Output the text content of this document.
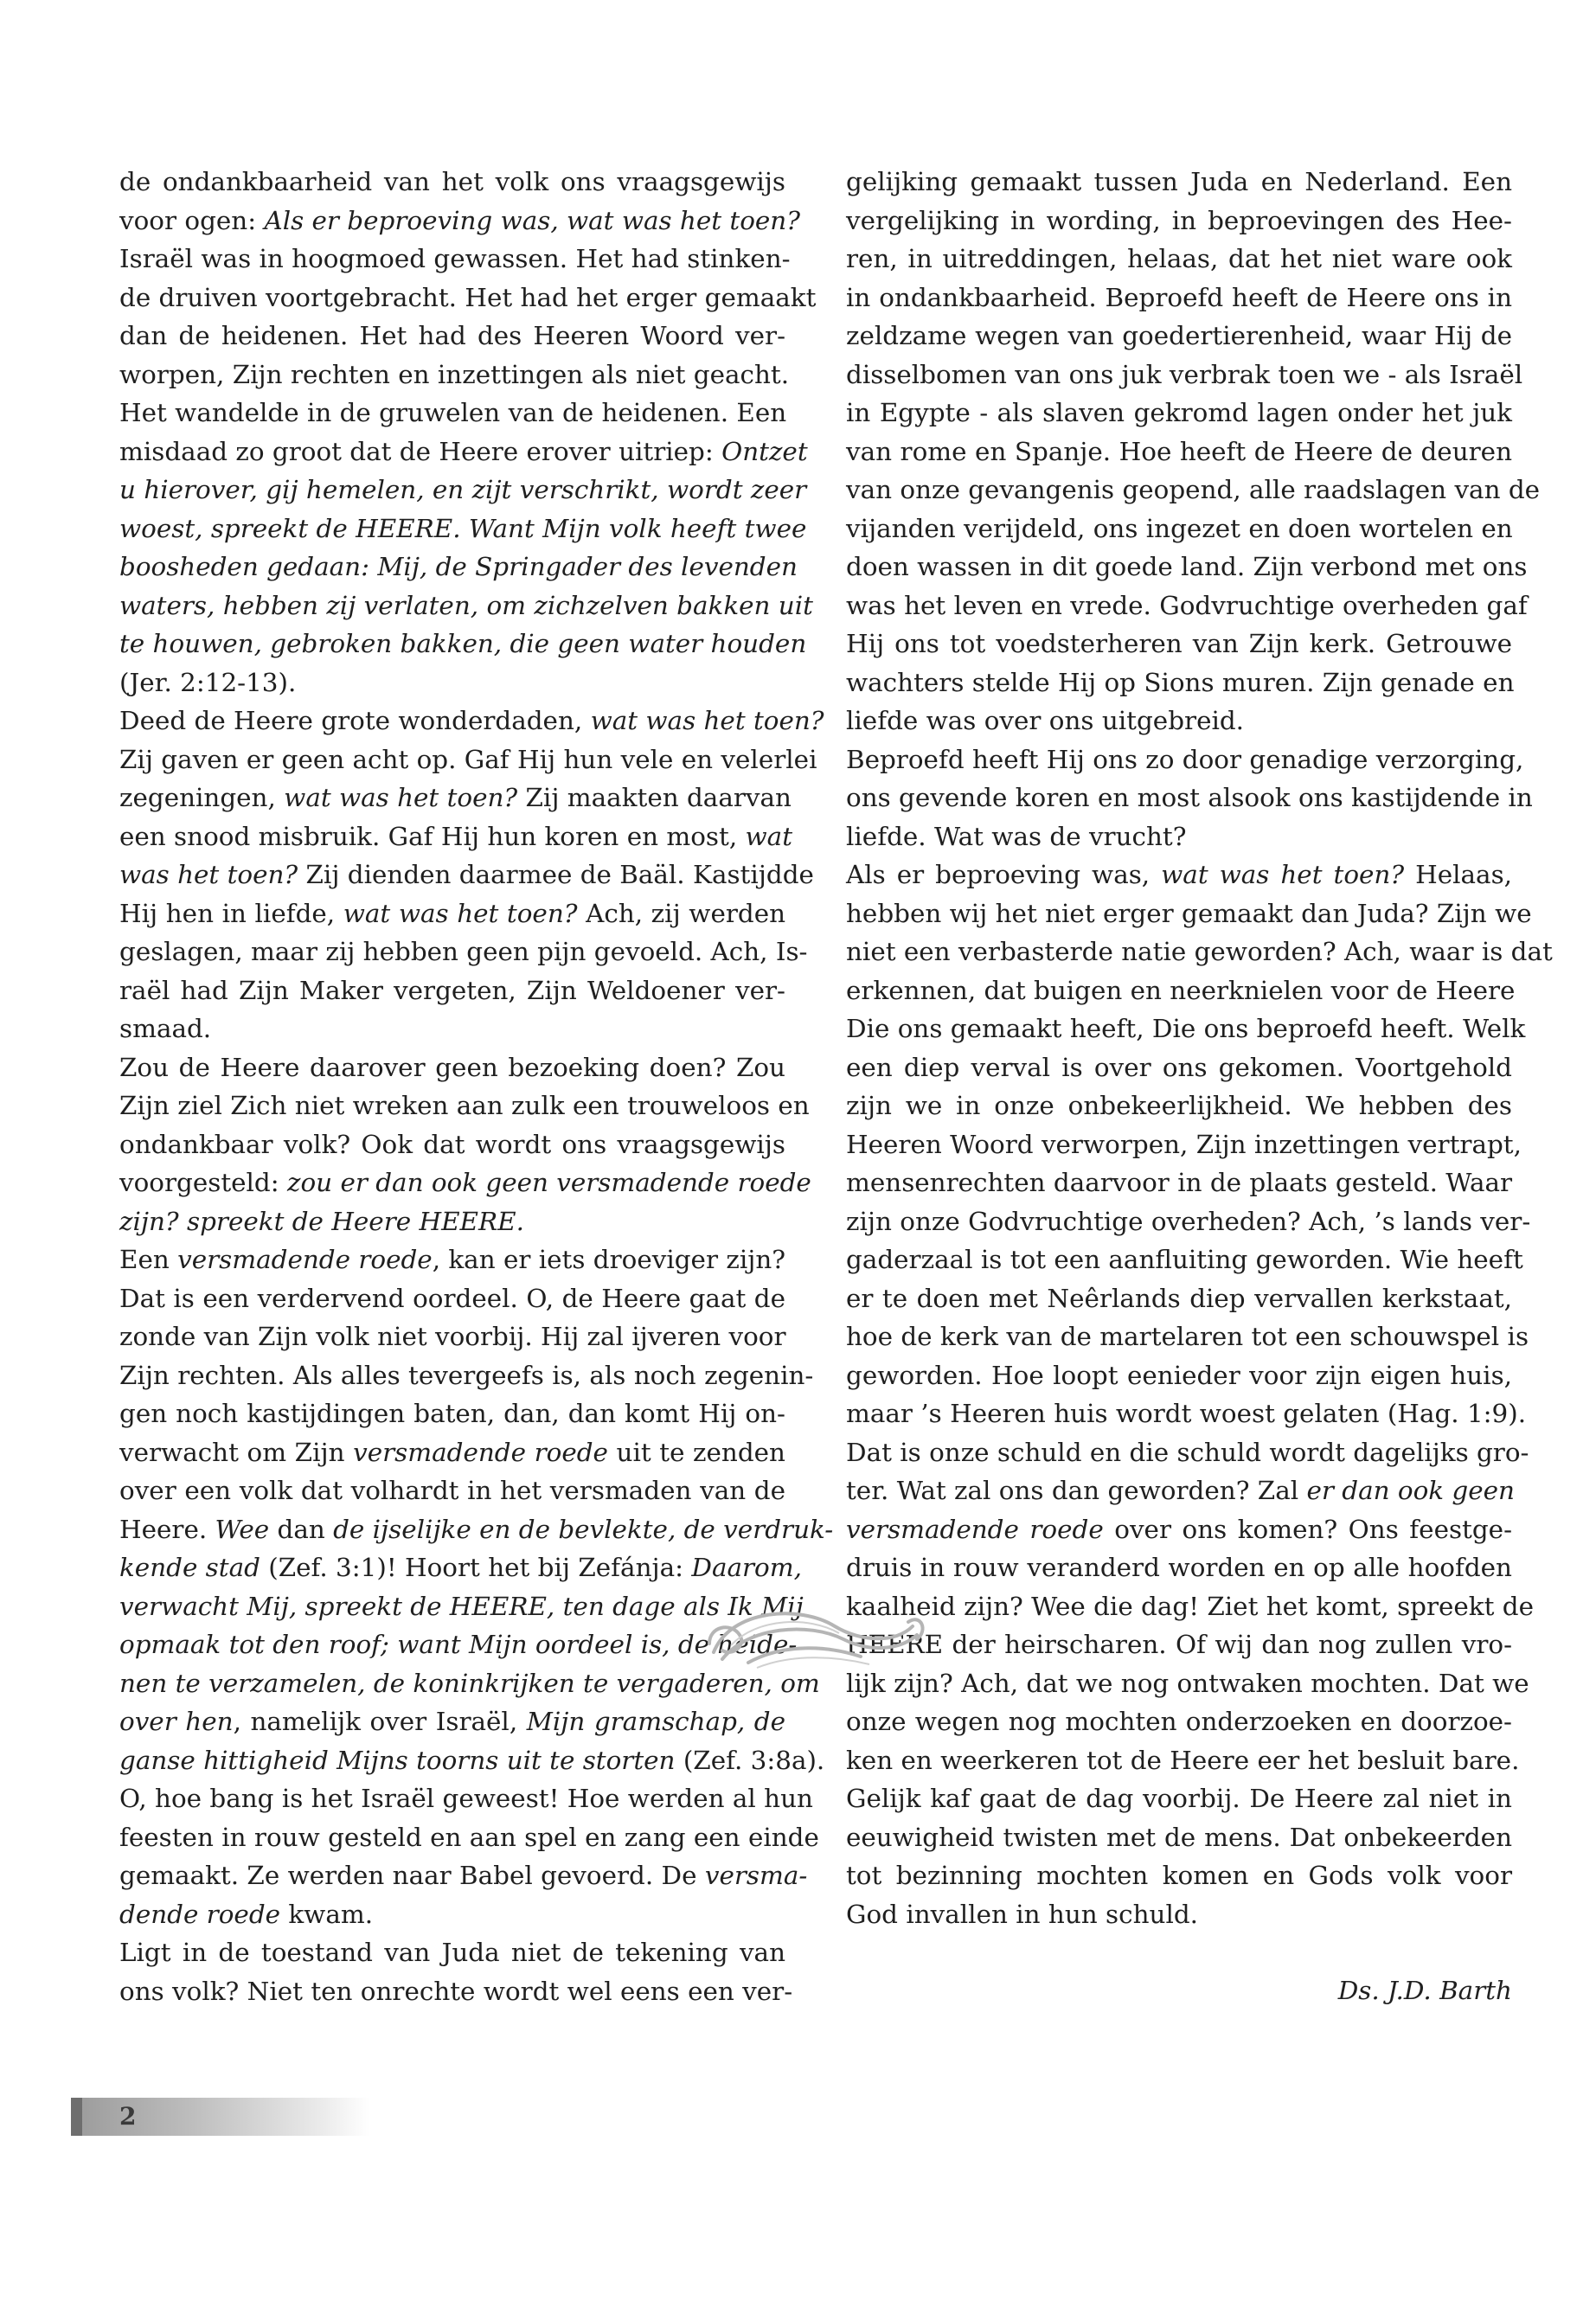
de ondankbaarheid van het volk ons vraagsgewijs
voor ogen: Als er beproeving was, wat was het toen?
Israël was in hoogmoed gewassen. Het had stinken-
de druiven voortgebracht. Het had het erger gemaakt
dan de heidenen. Het had des Heeren Woord ver-
worpen, Zijn rechten en inzettingen als niet geacht.
Het wandelde in de gruwelen van de heidenen. Een
misdaad zo groot dat de Heere erover uitriep: Ontzet
u hierover, gij hemelen, en zijt verschrikt, wordt zeer
woest, spreekt de HEERE. Want Mijn volk heeft twee
boosheden gedaan: Mij, de Springader des levenden
waters, hebben zij verlaten, om zichzelven bakken uit
te houwen, gebroken bakken, die geen water houden
(Jer. 2:12-13).
Deed de Heere grote wonderdaden, wat was het toen?
Zij gaven er geen acht op. Gaf Hij hun vele en velerlei
zegeningen, wat was het toen? Zij maakten daarvan
een snood misbruik. Gaf Hij hun koren en most, wat
was het toen? Zij dienden daarmee de Baäl. Kastijdde
Hij hen in liefde, wat was het toen? Ach, zij werden
geslagen, maar zij hebben geen pijn gevoeld. Ach, Is-
raël had Zijn Maker vergeten, Zijn Weldoener ver-
smaad.
Zou de Heere daarover geen bezoeking doen? Zou
Zijn ziel Zich niet wreken aan zulk een trouweloos en
ondankbaar volk? Ook dat wordt ons vraagsgewijs
voorgesteld: zou er dan ook geen versmadende roede
zijn? spreekt de Heere HEERE.
Een versmadende roede, kan er iets droeviger zijn?
Dat is een verdervend oordeel. O, de Heere gaat de
zonde van Zijn volk niet voorbij. Hij zal ijveren voor
Zijn rechten. Als alles tevergeefs is, als noch zegenin-
gen noch kastijdingen baten, dan, dan komt Hij on-
verwacht om Zijn versmadende roede uit te zenden
over een volk dat volhardt in het versmaden van de
Heere. Wee dan de ijselijke en de bevlekte, de verdruk-
kende stad (Zef. 3:1)! Hoort het bij Zefánja: Daarom,
verwacht Mij, spreekt de HEERE, ten dage als Ik Mij
opmaak tot den roof; want Mijn oordeel is, de heide-
nen te verzamelen, de koninkrijken te vergaderen, om
over hen, namelijk over Israël, Mijn gramschap, de
ganse hittigheid Mijns toorns uit te storten (Zef. 3:8a).
O, hoe bang is het Israël geweest! Hoe werden al hun
feesten in rouw gesteld en aan spel en zang een einde
gemaakt. Ze werden naar Babel gevoerd. De versma-
dende roede kwam.
Ligt in de toestand van Juda niet de tekening van
ons volk? Niet ten onrechte wordt wel eens een ver-
gelijking gemaakt tussen Juda en Nederland. Een
vergelijking in wording, in beproevingen des Hee-
ren, in uitreddingen, helaas, dat het niet ware ook
in ondankbaarheid. Beproefd heeft de Heere ons in
zeldzame wegen van goedertierenheid, waar Hij de
disselbomen van ons juk verbrak toen we - als Israël
in Egypte - als slaven gekromd lagen onder het juk
van rome en Spanje. Hoe heeft de Heere de deuren
van onze gevangenis geopend, alle raadslagen van de
vijanden verijdeld, ons ingezet en doen wortelen en
doen wassen in dit goede land. Zijn verbond met ons
was het leven en vrede. Godvruchtige overheden gaf
Hij ons tot voedsterheren van Zijn kerk. Getrouwe
wachters stelde Hij op Sions muren. Zijn genade en
liefde was over ons uitgebreid.
Beproefd heeft Hij ons zo door genadige verzorging,
ons gevende koren en most alsook ons kastijdende in
liefde. Wat was de vrucht?
Als er beproeving was, wat was het toen? Helaas,
hebben wij het niet erger gemaakt dan Juda? Zijn we
niet een verbasterde natie geworden? Ach, waar is dat
erkennen, dat buigen en neerknielen voor de Heere
Die ons gemaakt heeft, Die ons beproefd heeft. Welk
een diep verval is over ons gekomen. Voortgehold
zijn we in onze onbekeerlijkheid. We hebben des
Heeren Woord verworpen, Zijn inzettingen vertrapt,
mensenrechten daarvoor in de plaats gesteld. Waar
zijn onze Godvruchtige overheden? Ach, ’s lands ver-
gaderzaal is tot een aanfluiting geworden. Wie heeft
er te doen met Neêrlands diep vervallen kerkstaat,
hoe de kerk van de martelaren tot een schouwspel is
geworden. Hoe loopt eenieder voor zijn eigen huis,
maar ’s Heeren huis wordt woest gelaten (Hag. 1:9).
Dat is onze schuld en die schuld wordt dagelijks gro-
ter. Wat zal ons dan geworden? Zal er dan ook geen
versmadende roede over ons komen? Ons feestge-
druis in rouw veranderd worden en op alle hoofden
kaalheid zijn? Wee die dag! Ziet het komt, spreekt de
HEERE der heirscharen. Of wij dan nog zullen vro-
lijk zijn? Ach, dat we nog ontwaken mochten. Dat we
onze wegen nog mochten onderzoeken en doorzoe-
ken en weerkeren tot de Heere eer het besluit bare.
Gelijk kaf gaat de dag voorbij. De Heere zal niet in
eeuwigheid twisten met de mens. Dat onbekeerden
tot bezinning mochten komen en Gods volk voor
God invallen in hun schuld.
Ds. J.D. Barth
2
